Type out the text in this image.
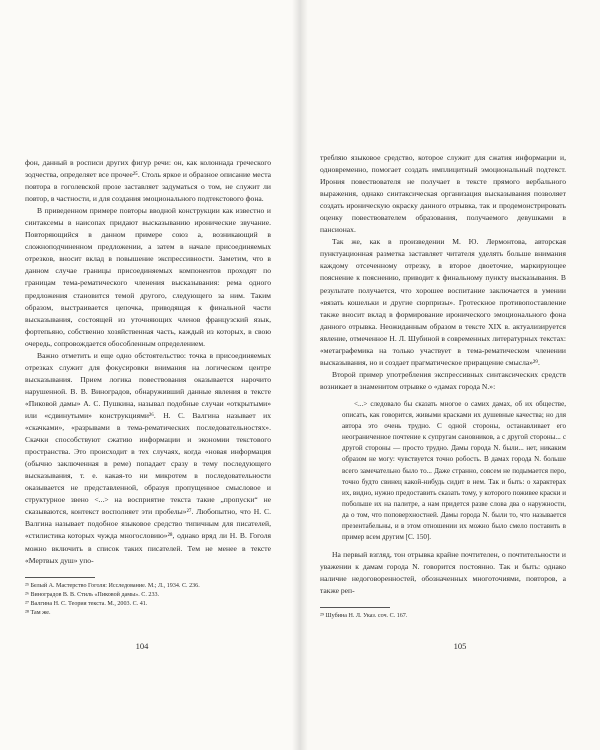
фон, данный в росписи других фигур речи: он, как колоннада греческого зодчества, определяет все прочее²⁵. Столь яркое и образное описание места повтора в гоголевской прозе заставляет задуматься о том, не служит ли повтор, в частности, и для создания эмоционального подтекстового фона.

В приведенном примере повторы вводной конструкции как известно и синтаксемы в наисопах придают высказыванию иронические звучание. Повторяющийся в данном примере союз а, возникающий в сложноподчиненном предложении, а затем в начале присоединяемых отрезков, вносит вклад в повышение экспрессивности. Заметим, что в данном случае границы присоединяемых компонентов проходят по границам тема-рематического членения высказывания: рема одного предложения становится темой другого, следующего за ним. Таким образом, выстраивается цепочка, приводящая к финальной части высказывания, состоящей из уточняющих членов французский язык, фортепьяно, собственно хозяйственная часть, каждый из которых, в свою очередь, сопровождается обособленным определением.

Важно отметить и еще одно обстоятельство: точка в присоединяемых отрезках служит для фокусировки внимания на логическом центре высказывания. Прием логика повествования оказывается нарочито нарушенной. В. В. Виноградов, обнаруживший данные явления в тексте «Пиковой дамы» А. С. Пушкина, называл подобные случаи «открытыми» или «сдвинутыми» конструкциями²⁶. Н. С. Валгина называет их «скачками», «разрывами в тема-рематических последовательностях». Скачки способствуют сжатию информации и экономии текстового пространства. Это происходит в тех случаях, когда «новая информация (обычно заключенная в реме) попадает сразу в тему последующего высказывания, т. е. какая-то ни микротем в последовательности оказывается не представленной, образуя пропущенное смысловое и структурное звено <...> на восприятие текста такие „пропуски“ не сказываются, контекст восполняет эти пробелы»²⁷. Любопытно, что Н. С. Валгина называет подобное языковое средство типичным для писателей, «стилистика которых чужда многословию»²⁸, однако вряд ли Н. В. Гоголя можно включить в список таких писателей. Тем не менее в тексте «Мертвых душ» упо-

²⁵ Белый А. Мастерство Гоголя: Исследование. М.; Л., 1934. С. 236.

²⁶ Виноградов В. В. Стиль «Пиковой дамы». С. 233.

²⁷ Валгина Н. С. Теория текста. М., 2003. С. 41.

²⁸ Там же.

104

требляю языковое средство, которое служит для сжатия информации и, одновременно, помогает создать имплицитный эмоциональный подтекст. Ирония повествователя не получает в тексте прямого вербального выражения, однако синтаксическая организация высказывания позволяет создать ироническую окраску данного отрывка, так и продемонстрировать оценку повествователем образования, получаемого девушками в пансионах.

Так же, как в произведении М. Ю. Лермонтова, авторская пунктуационная разметка заставляет читателя уделять больше внимания каждому отсеченному отрезку, в второе двоеточие, маркирующее пояснение к пояснению, приводит к финальному пункту высказывания. В результате получается, что хорошее воспитание заключается в умении «вязать кошельки и другие сюрпризы». Гротескное противопоставление также вносит вклад в формирование иронического эмоционального фона данного отрывка. Неожиданным образом в тексте XIX в. актуализируется явление, отмеченное Н. Л. Шубиной в современных литературных текстах: «метаграфемика на только участвует в тема-рематическом членении высказывания, но и создает прагматическое приращение смысла»²⁹.

Второй пример употребления экспрессивных синтаксических средств возникает в знаменитом отрывке о «дамах города N.»:

<...> следовало бы сказать многое о самих дамах, об их обществе, описать, как говорится, живыми красками их душевные качества; но для автора это очень трудно. С одной стороны, останавливает его неограниченное почтение к супругам сановников, а с другой стороны... с другой стороны — просто трудно. Дамы города N. были... нет, никаким образом не могу: чувствуется точно робость. В дамах города N. больше всего замечательно было то... Даже странно, совсем не подымается перо, точно будто свинец какой-нибудь сидит в нем. Так и быть: о характерах их, видно, нужно предоставить сказать тому, у которого поживее краски и побольше их на палитре, а нам придется разве слова два о наружности, да о том, что поповерхностней. Дамы города N. были то, что называется презентабельны, и в этом отношении их можно было смело поставить в пример всем другим [С. 150].

На первый взгляд, тон отрывка крайне почтителен, о почтительности и уважении к дамам города N. говорится постоянно. Так и быть: однако наличие недоговоренностей, обозначенных многоточиями, повторов, а также реп-

²⁹ Шубина Н. Л. Указ. соч. С. 167.

105
